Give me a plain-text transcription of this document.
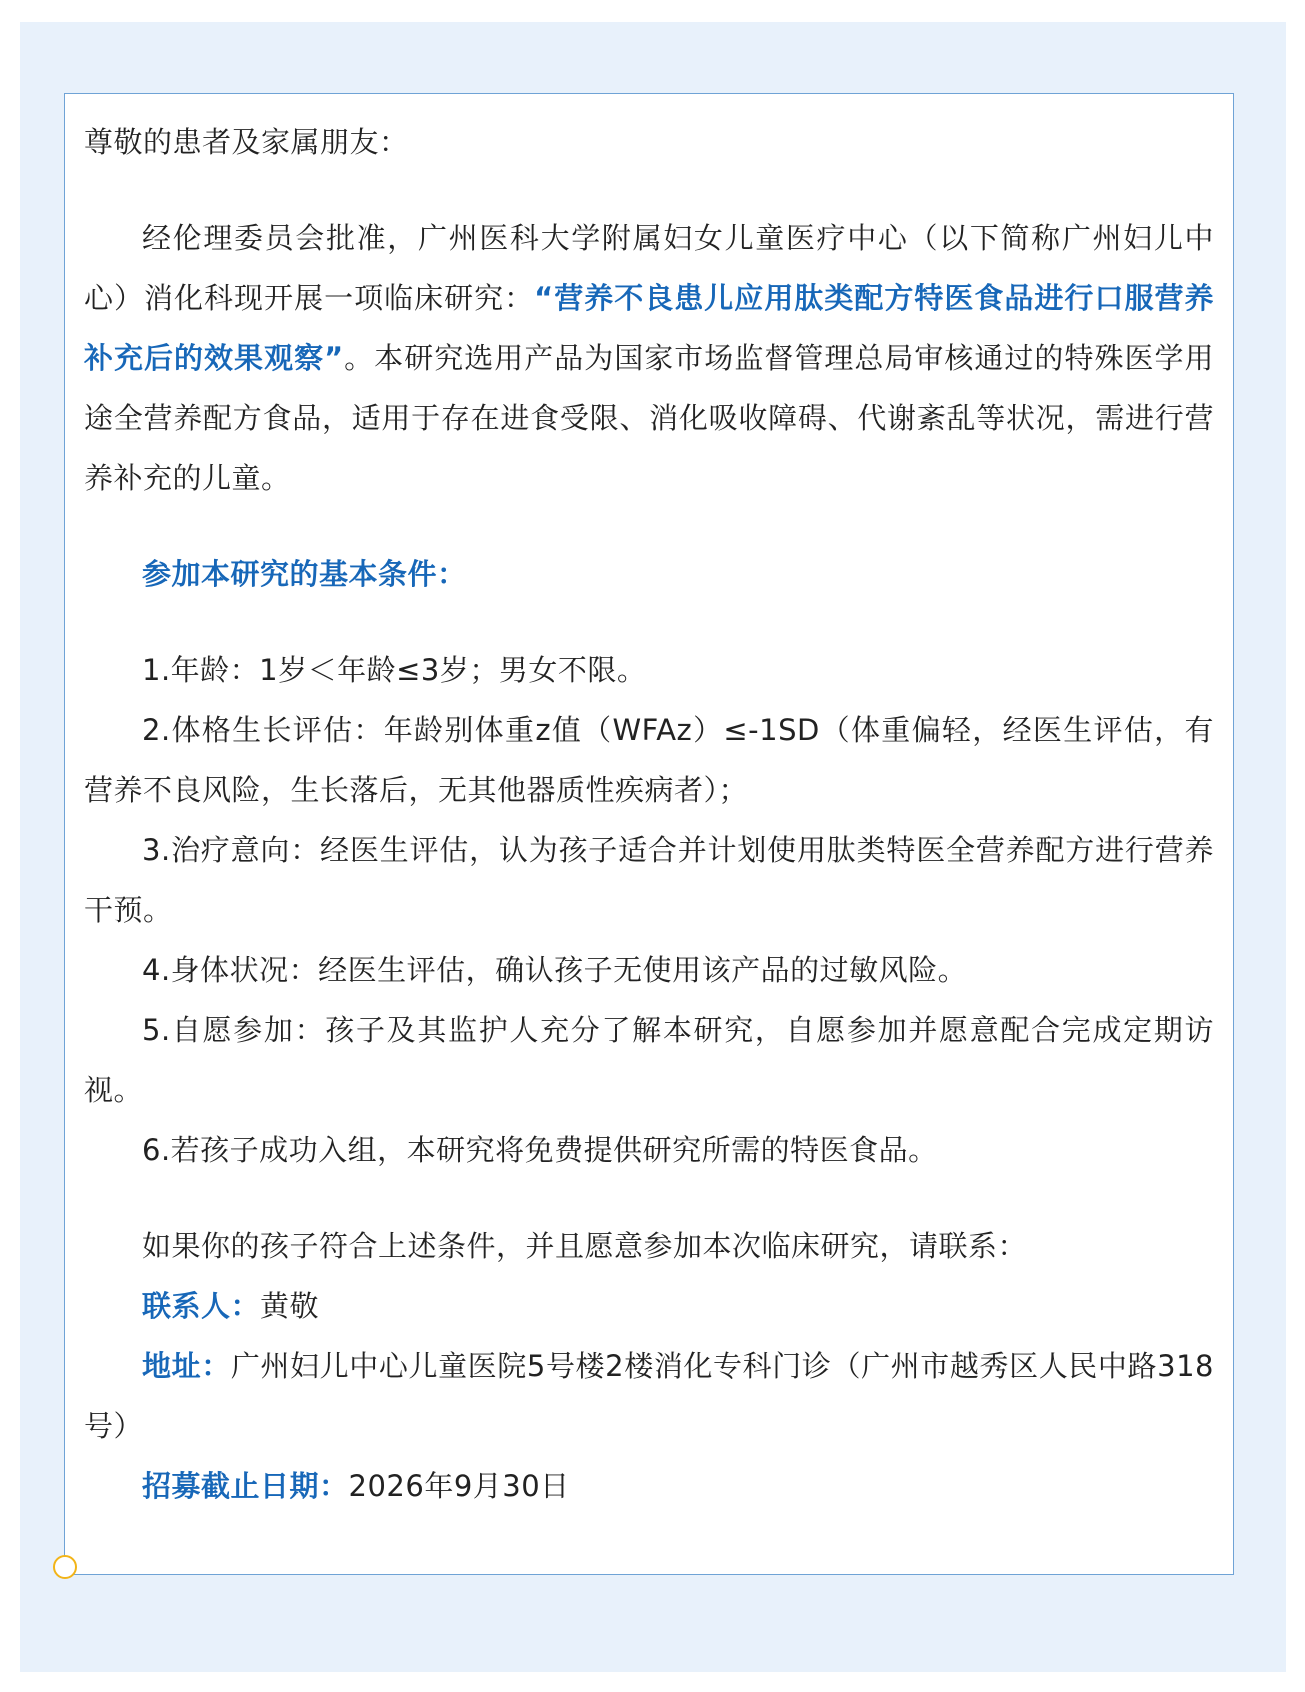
尊敬的患者及家属朋友：

经伦理委员会批准，广州医科大学附属妇女儿童医疗中心（以下简称广州妇儿中心）消化科现开展一项临床研究：“营养不良患儿应用肽类配方特医食品进行口服营养补充后的效果观察”。本研究选用产品为国家市场监督管理总局审核通过的特殊医学用途全营养配方食品，适用于存在进食受限、消化吸收障碍、代谢紊乱等状况，需进行营养补充的儿童。

参加本研究的基本条件：

1.年龄：1岁＜年龄≤3岁；男女不限。

2.体格生长评估：年龄别体重z值（WFAz）≤-1SD（体重偏轻，经医生评估，有营养不良风险，生长落后，无其他器质性疾病者）；

3.治疗意向：经医生评估，认为孩子适合并计划使用肽类特医全营养配方进行营养干预。

4.身体状况：经医生评估，确认孩子无使用该产品的过敏风险。

5.自愿参加：孩子及其监护人充分了解本研究，自愿参加并愿意配合完成定期访视。

6.若孩子成功入组，本研究将免费提供研究所需的特医食品。

如果你的孩子符合上述条件，并且愿意参加本次临床研究，请联系：

联系人：黄敬

地址：广州妇儿中心儿童医院5号楼2楼消化专科门诊（广州市越秀区人民中路318号）

招募截止日期：2026年9月30日
